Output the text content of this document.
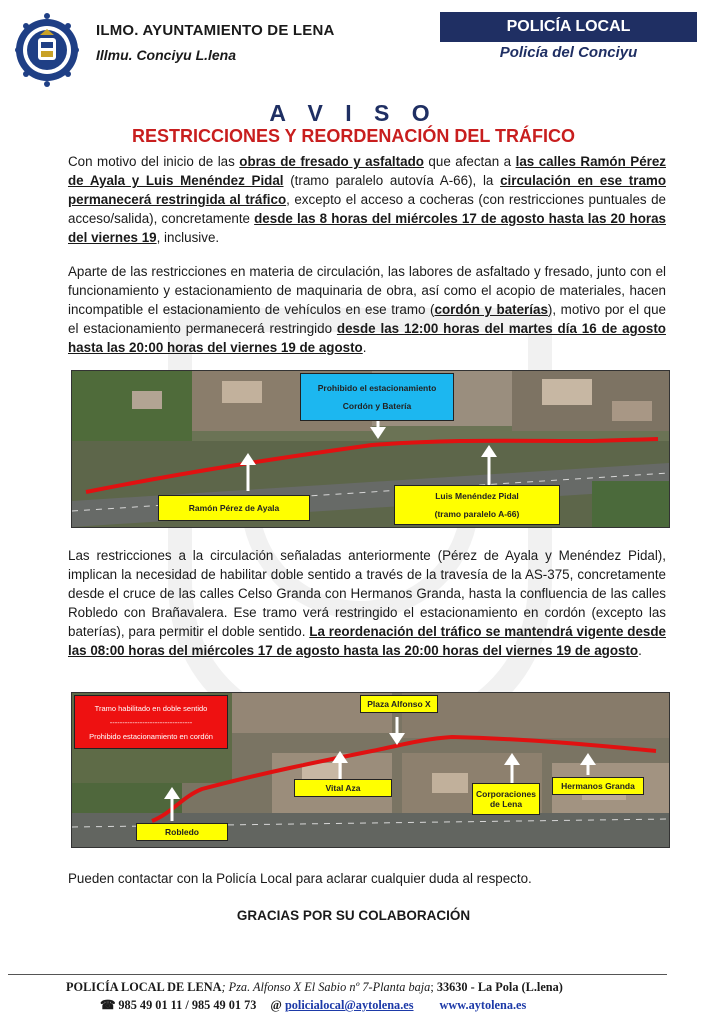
ILMO. AYUNTAMIENTO DE LENA
Illmu. Conciyu L.lena
POLICÍA LOCAL
Policía del Conciyu
A V I S O
RESTRICCIONES Y REORDENACIÓN DEL TRÁFICO
Con motivo del inicio de las obras de fresado y asfaltado que afectan a las calles Ramón Pérez de Ayala y Luis Menéndez Pidal (tramo paralelo autovía A-66), la circulación en ese tramo permanecerá restringida al tráfico, excepto el acceso a cocheras (con restricciones puntuales de acceso/salida), concretamente desde las 8 horas del miércoles 17 de agosto hasta las 20 horas del viernes 19, inclusive.
Aparte de las restricciones en materia de circulación, las labores de asfaltado y fresado, junto con el funcionamiento y estacionamiento de maquinaria de obra, así como el acopio de materiales, hacen incompatible el estacionamiento de vehículos en ese tramo (cordón y baterías), motivo por el que el estacionamiento permanecerá restringido desde las 12:00 horas del martes día 16 de agosto hasta las 20:00 horas del viernes 19 de agosto.
Prohibido el estacionamiento
Cordón y Batería
Ramón Pérez de Ayala
Luis Menéndez Pidal
(tramo paralelo A-66)
Las restricciones a la circulación señaladas anteriormente (Pérez de Ayala y Menéndez Pidal), implican la necesidad de habilitar doble sentido a través de la travesía de la AS-375, concretamente desde el cruce de las calles Celso Granda con Hermanos Granda, hasta la confluencia de las calles Robledo con Brañavalera. Ese tramo verá restringido el estacionamiento en cordón (excepto las baterías), para permitir el doble sentido. La reordenación del tráfico se mantendrá vigente desde las 08:00 horas del miércoles 17 de agosto hasta las 20:00 horas del viernes 19 de agosto.
Tramo habilitado en doble sentido
---------------------------------
Prohibido estacionamiento en cordón
Plaza Alfonso X
Vital Aza
Corporaciones
de Lena
Hermanos Granda
Robledo
Pueden contactar con la Policía Local para aclarar cualquier duda al respecto.
GRACIAS POR SU COLABORACIÓN
POLICÍA LOCAL DE LENA; Pza. Alfonso X El Sabio nº 7-Planta baja; 33630 - La Pola (L.lena)
☎ 985 49 01 11 / 985 49 01 73 @ policialocal@aytolena.es www.aytolena.es
